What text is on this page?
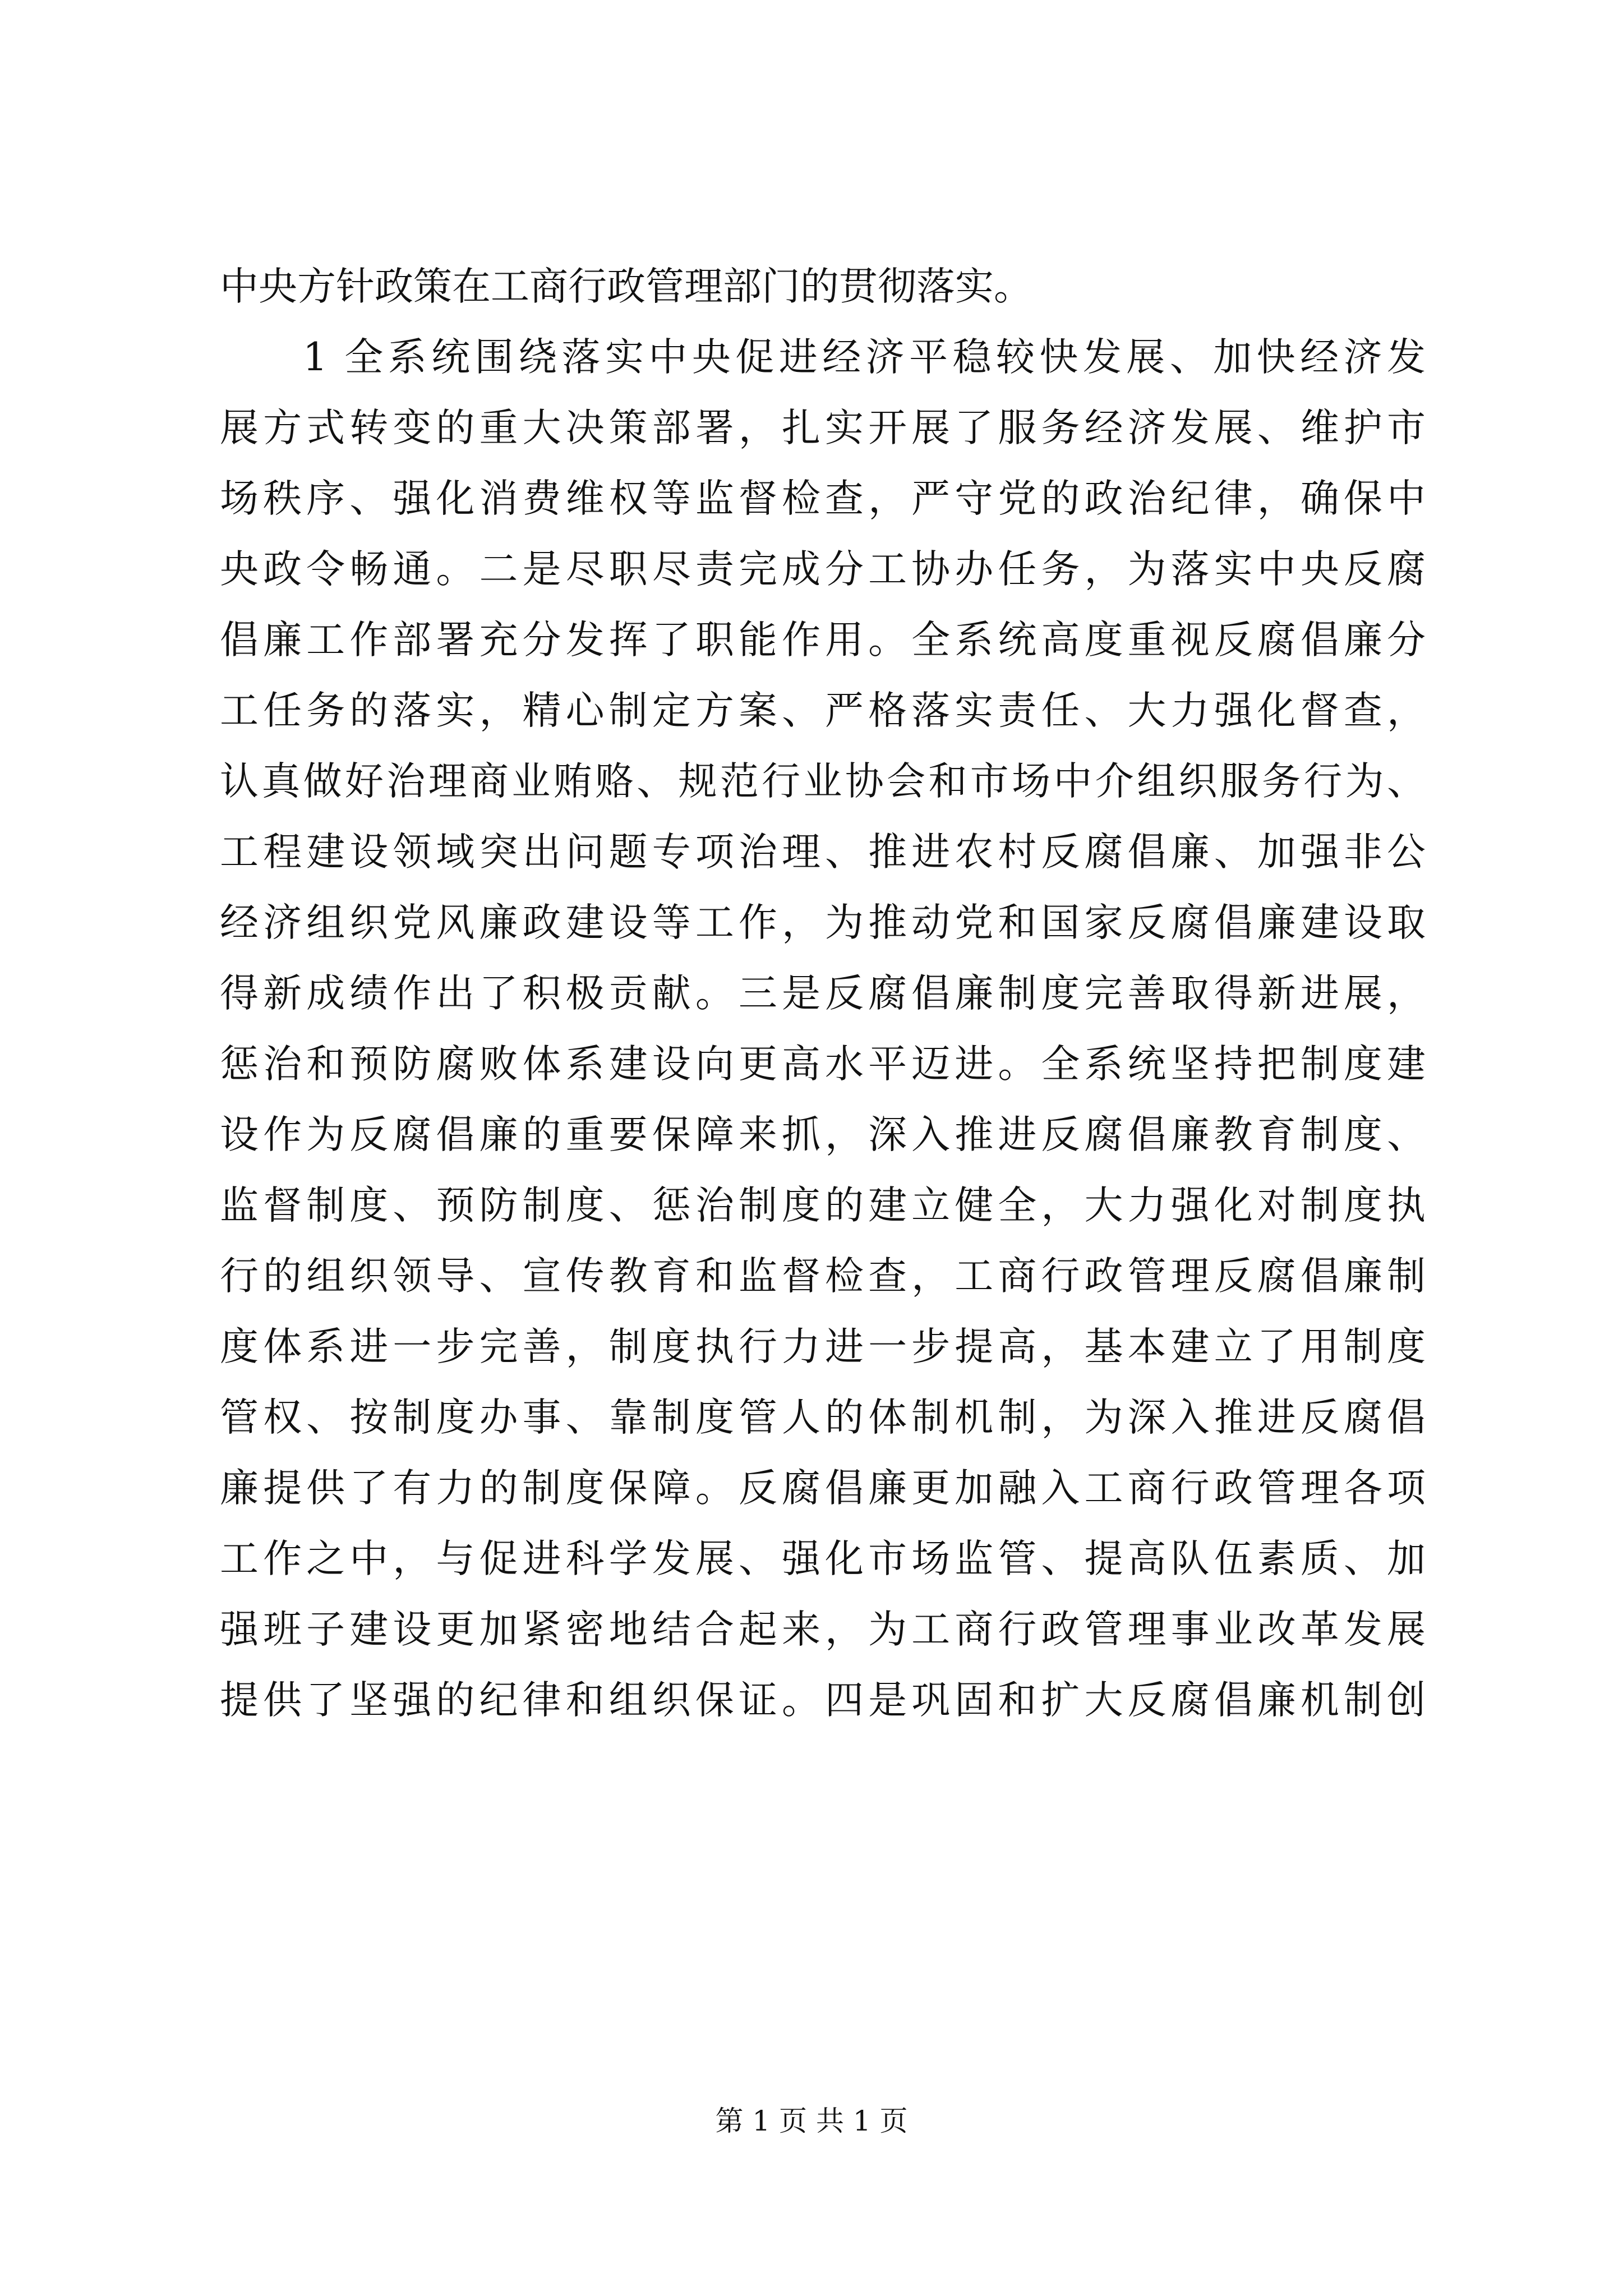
中央方针政策在工商行政管理部门的贯彻落实。
1 全系统围绕落实中央促进经济平稳较快发展、加快经济发
展方式转变的重大决策部署，扎实开展了服务经济发展、维护市
场秩序、强化消费维权等监督检查，严守党的政治纪律，确保中
央政令畅通。二是尽职尽责完成分工协办任务，为落实中央反腐
倡廉工作部署充分发挥了职能作用。全系统高度重视反腐倡廉分
工任务的落实，精心制定方案、严格落实责任、大力强化督查，
认真做好治理商业贿赂、规范行业协会和市场中介组织服务行为、
工程建设领域突出问题专项治理、推进农村反腐倡廉、加强非公
经济组织党风廉政建设等工作，为推动党和国家反腐倡廉建设取
得新成绩作出了积极贡献。三是反腐倡廉制度完善取得新进展，
惩治和预防腐败体系建设向更高水平迈进。全系统坚持把制度建
设作为反腐倡廉的重要保障来抓，深入推进反腐倡廉教育制度、
监督制度、预防制度、惩治制度的建立健全，大力强化对制度执
行的组织领导、宣传教育和监督检查，工商行政管理反腐倡廉制
度体系进一步完善，制度执行力进一步提高，基本建立了用制度
管权、按制度办事、靠制度管人的体制机制，为深入推进反腐倡
廉提供了有力的制度保障。反腐倡廉更加融入工商行政管理各项
工作之中，与促进科学发展、强化市场监管、提高队伍素质、加
强班子建设更加紧密地结合起来，为工商行政管理事业改革发展
提供了坚强的纪律和组织保证。四是巩固和扩大反腐倡廉机制创
第 1 页 共 1 页
